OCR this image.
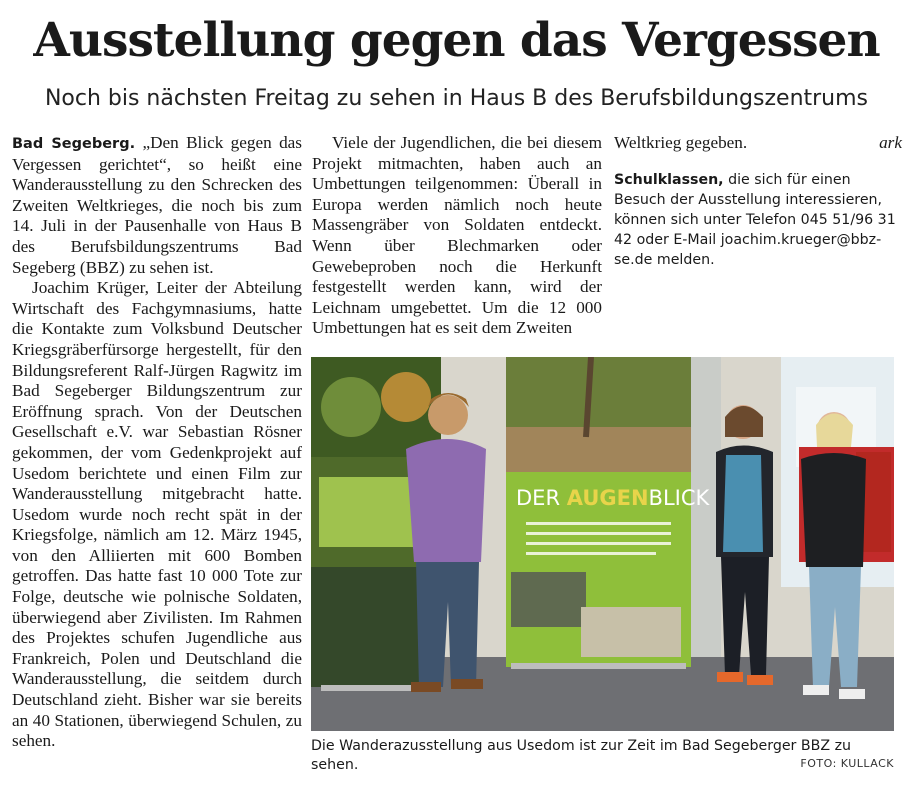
Ausstellung gegen das Vergessen
Noch bis nächsten Freitag zu sehen in Haus B des Berufsbildungszentrums

Bad Segeberg. „Den Blick gegen das Vergessen gerichtet“, so heißt eine Wanderausstellung zu den Schrecken des Zweiten Weltkrieges, die noch bis zum 14. Juli in der Pausenhalle von Haus B des Berufsbildungszentrums Bad Segeberg (BBZ) zu sehen ist.

Joachim Krüger, Leiter der Abteilung Wirtschaft des Fachgymnasiums, hatte die Kontakte zum Volksbund Deutscher Kriegsgräberfürsorge hergestellt, für den Bildungsreferent Ralf-Jürgen Ragwitz im Bad Segeberger Bildungszentrum zur Eröffnung sprach. Von der Deutschen Gesellschaft e.V. war Sebastian Rösner gekommen, der vom Gedenkprojekt auf Usedom berichtete und einen Film zur Wanderausstellung mitgebracht hatte. Usedom wurde noch recht spät in der Kriegsfolge, nämlich am 12. März 1945, von den Alliierten mit 600 Bomben getroffen. Das hatte fast 10 000 Tote zur Folge, deutsche wie polnische Soldaten, überwiegend aber Zivilisten. Im Rahmen des Projektes schufen Jugendliche aus Frankreich, Polen und Deutschland die Wanderausstellung, die seitdem durch Deutschland zieht. Bisher war sie bereits an 40 Stationen, überwiegend Schulen, zu sehen.

Viele der Jugendlichen, die bei diesem Projekt mitmachten, haben auch an Umbettungen teilgenommen: Überall in Europa werden nämlich noch heute Massengräber von Soldaten entdeckt. Wenn über Blechmarken oder Gewebeproben noch die Herkunft festgestellt werden kann, wird der Leichnam umgebettet. Um die 12 000 Umbettungen hat es seit dem Zweiten

Weltkrieg gegeben.	ark

Schulklassen, die sich für einen Besuch der Ausstellung interessieren, können sich unter Telefon 045 51/96 31 42 oder E-Mail joachim.krueger@bbz-se.de melden.

DER AUGENBLICK
Die Wanderazusstellung aus Usedom ist zur Zeit im Bad Segeberger BBZ zu sehen.	FOTO: KULLACK
